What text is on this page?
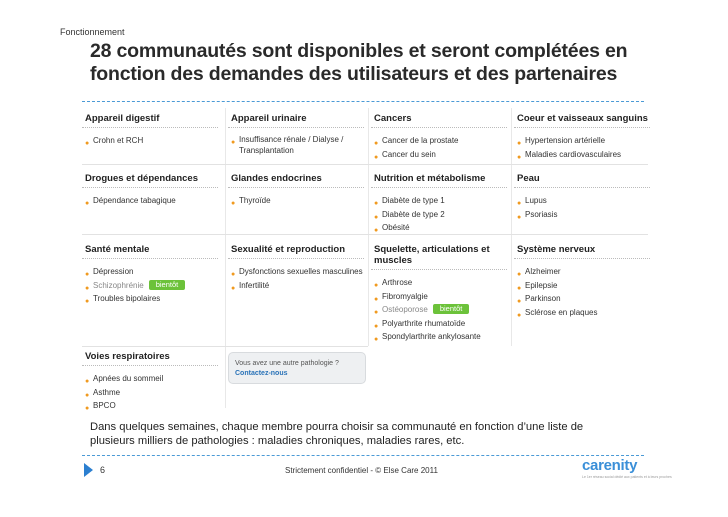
Fonctionnement
28 communautés sont disponibles et seront complétées en
fonction des demandes des utilisateurs et des partenaires
Appareil digestif
● Crohn et RCH
Appareil urinaire
● Insuffisance rénale / Dialyse / Transplantation
Cancers
● Cancer de la prostate
● Cancer du sein
Coeur et vaisseaux sanguins
● Hypertension artérielle
● Maladies cardiovasculaires
Drogues et dépendances
● Dépendance tabagique
Glandes endocrines
● Thyroïde
Nutrition et métabolisme
● Diabète de type 1
● Diabète de type 2
● Obésité
Peau
● Lupus
● Psoriasis
Santé mentale
● Dépression
● Schizophrénie bientôt
● Troubles bipolaires
Sexualité et reproduction
● Dysfonctions sexuelles masculines
● Infertilité
Squelette, articulations et muscles
● Arthrose
● Fibromyalgie
● Ostéoporose bientôt
● Polyarthrite rhumatoïde
● Spondylarthrite ankylosante
Système nerveux
● Alzheimer
● Epilepsie
● Parkinson
● Sclérose en plaques
Voies respiratoires
● Apnées du sommeil
● Asthme
● BPCO
Vous avez une autre pathologie ?
Contactez-nous
Dans quelques semaines, chaque membre pourra choisir sa communauté en fonction d’une liste de
plusieurs milliers de pathologies : maladies chroniques, maladies rares, etc.
6	Strictement confidentiel - © Else Care 2011	carenity
Le 1er réseau social dédié aux patients et à leurs proches
